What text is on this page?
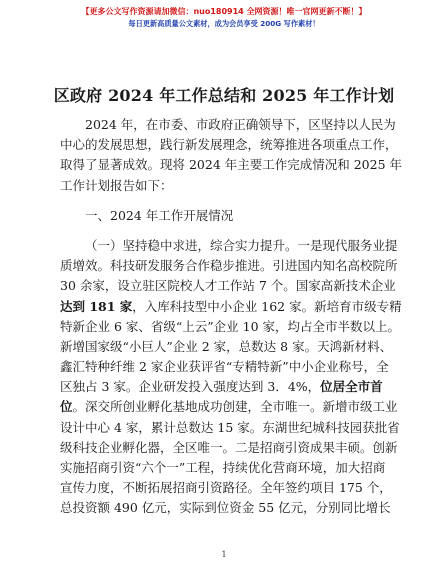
【更多公文写作资源请加微信：nuo180914 全网资源！唯一官网更新不断！】
每日更新高质量公文素材，成为会员享受 200G 写作素材！
区政府 2024 年工作总结和 2025 年工作计划
2024 年，在市委、市政府正确领导下，区坚持以人民为
中心的发展思想，践行新发展理念，统筹推进各项重点工作，
取得了显著成效。现将 2024 年主要工作完成情况和 2025 年
工作计划报告如下：
一、2024 年工作开展情况
（一）坚持稳中求进，综合实力提升。一是现代服务业提
质增效。科技研发服务合作稳步推进。引进国内知名高校院所
30 余家，设立驻区院校人才工作站 7 个。国家高新技术企业
达到 181 家，入库科技型中小企业 162 家。新培育市级专精
特新企业 6 家、省级“上云”企业 10 家，均占全市半数以上。
新增国家级“小巨人”企业 2 家，总数达 8 家。天鸿新材料、
鑫汇特种纤维 2 家企业获评省“专精特新”中小企业称号，全
区独占 3 家。企业研发投入强度达到 3．4%，位居全市首
位。深交所创业孵化基地成功创建，全市唯一。新增市级工业
设计中心 4 家，累计总数达 15 家。东湖世纪城科技园获批省
级科技企业孵化器，全区唯一。二是招商引资成果丰硕。创新
实施招商引资“六个一”工程，持续优化营商环境，加大招商
宣传力度，不断拓展招商引资路径。全年签约项目 175 个，
总投资额 490 亿元，实际到位资金 55 亿元，分别同比增长
1
